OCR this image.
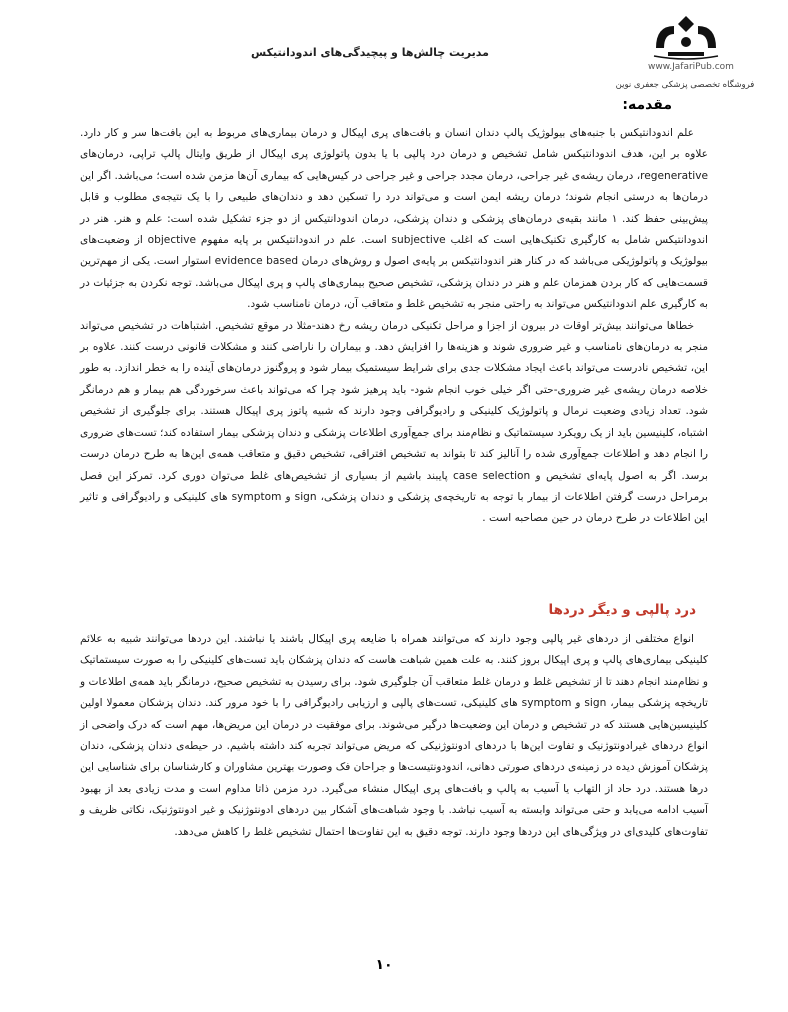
www.JafariPub.com
فروشگاه تخصصی پزشکی جعفری نوین
مدیریت چالش‌ها و پیچیدگی‌های اندودانتیکس
مقدمه:

علم اندودانتیکس با جنبه‌های بیولوژیک پالپ دندان انسان و بافت‌های پری اپیکال و درمان بیماری‌های مربوط به این بافت‌ها سر و کار دارد. علاوه بر این، هدف اندودانتیکس شامل تشخیص و درمان درد پالپی با یا بدون پاتولوژی پری اپیکال از طریق وایتال پالپ تراپی، درمان‌های regenerative، درمان ریشه‌ی غیر جراحی، درمان مجدد جراحی و غیر جراحی در کیس‌هایی که بیماری آن‌ها مزمن شده است؛ می‌باشد. اگر این درمان‌ها به درستی انجام شوند؛ درمان ریشه ایمن است و می‌تواند درد را تسکین دهد و دندان‌های طبیعی را با یک نتیجه‌ی مطلوب و قابل پیش‌بینی حفظ کند. ۱ مانند بقیه‌ی درمان‌های پزشکی و دندان پزشکی، درمان اندودانتیکس از دو جزء تشکیل شده است: علم و هنر. هنر در اندودانتیکس شامل به کارگیری تکنیک‌هایی است که اغلب subjective است. علم در اندودانتیکس بر پایه مفهوم objective از وضعیت‌های بیولوژیک و پاتولوژیکی می‌باشد که در کنار هنر اندودانتیکس بر پایه‌ی اصول و روش‌های درمان evidence based استوار است. یکی از مهم‌ترین قسمت‌هایی که کار بردن همزمان علم و هنر در دندان پزشکی، تشخیص صحیح بیماری‌های پالپ و پری اپیکال می‌باشد. توجه نکردن به جزئیات در به کارگیری علم اندودانتیکس می‌تواند به راحتی منجر به تشخیص غلط و متعاقب آن، درمان نامناسب شود.

خطاها می‌توانند بیش‌تر اوقات در بیرون از اجزا و مراحل تکنیکی درمان ریشه رخ دهند-مثلا در موقع تشخیص. اشتباهات در تشخیص می‌تواند منجر به درمان‌های نامناسب و غیر ضروری شوند و هزینه‌ها را افزایش دهد. و بیماران را ناراضی کنند و مشکلات قانونی درست کنند. علاوه بر این، تشخیص نادرست می‌تواند باعث ایجاد مشکلات جدی برای شرایط سیستمیک بیمار شود و پروگنوز درمان‌های آینده را به خطر اندازد. به طور خلاصه درمان ریشه‌ی غیر ضروری-حتی اگر خیلی خوب انجام شود- باید پرهیز شود چرا که می‌تواند باعث سرخوردگی هم بیمار و هم درمانگر شود. تعداد زیادی وضعیت نرمال و پاتولوژیک کلینیکی و رادیوگرافی وجود دارند که شبیه پاتوز پری اپیکال هستند. برای جلوگیری از تشخیص اشتباه، کلینیسین باید از یک رویکرد سیستماتیک و نظام‌مند برای جمع‌آوری اطلاعات پزشکی و دندان پزشکی بیمار استفاده کند؛ تست‌های ضروری را انجام دهد و اطلاعات جمع‌آوری شده را آنالیز کند تا بتواند به تشخیص افتراقی، تشخیص دقیق و متعاقب همه‌ی این‌ها به طرح درمان درست برسد. اگر به اصول پایه‌ای تشخیص و case selection پایبند باشیم از بسیاری از تشخیص‌های غلط می‌توان دوری کرد. تمرکز این فصل برمراحل درست گرفتن اطلاعات از بیمار با توجه به تاریخچه‌ی پزشکی و دندان پزشکی، sign و symptom های کلینیکی و رادیوگرافی و تاثیر این اطلاعات در طرح درمان در حین مصاحبه است .

درد پالپی و دیگر دردها

انواع مختلفی از دردهای غیر پالپی وجود دارند که می‌توانند همراه با ضایعه پری اپیکال باشند یا نباشند. این دردها می‌توانند شبیه به علائم کلینیکی بیماری‌های پالپ و پری اپیکال بروز کنند. به علت همین شباهت هاست که دندان پزشکان باید تست‌های کلینیکی را به صورت سیستماتیک و نظام‌مند انجام دهند تا از تشخیص غلط و درمان غلط متعاقب آن جلوگیری شود. برای رسیدن به تشخیص صحیح، درمانگر باید همه‌ی اطلاعات و تاریخچه پزشکی بیمار، sign و symptom های کلینیکی، تست‌های پالپی و ارزیابی رادیوگرافی را با خود مرور کند. دندان پزشکان معمولا اولین کلینیسین‌هایی هستند که در تشخیص و درمان این وضعیت‌ها درگیر می‌شوند. برای موفقیت در درمان این مریض‌ها، مهم است که درک واضحی از انواع دردهای غیرادونتوژنیک و تفاوت این‌ها با دردهای ادونتوژنیکی که مریض می‌تواند تجربه کند داشته باشیم. در حیطه‌ی دندان پزشکی، دندان پزشکان آموزش دیده در زمینه‌ی دردهای صورتی دهانی، اندودونتیست‌ها و جراحان فک وصورت بهترین مشاوران و کارشناسان برای شناسایی این درها هستند. درد حاد از التهاب یا آسیب به پالپ و بافت‌های پری اپیکال منشاء می‌گیرد. درد مزمن ذاتا مداوم است و مدت زیادی بعد از بهبود آسیب ادامه می‌یابد و حتی می‌تواند وابسته به آسیب نباشد. با وجود شباهت‌های آشکار بین دردهای ادونتوژنیک و غیر ادونتوژنیک، نکاتی ظریف و تفاوت‌های کلیدی‌ای در ویژگی‌های این دردها وجود دارند. توجه دقیق به این تفاوت‌ها احتمال تشخیص غلط را کاهش می‌دهد.

۱۰
